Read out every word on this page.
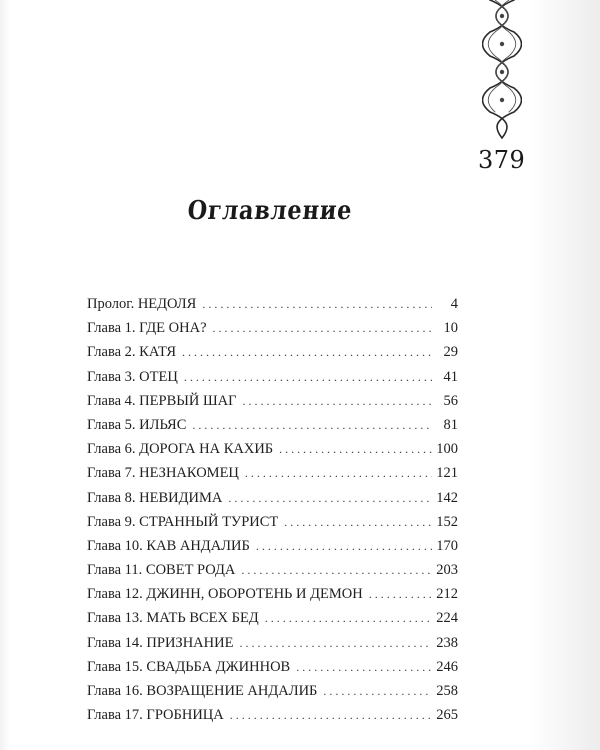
379
Оглавление
Пролог. НЕДОЛЯ . . .	4
Глава 1. ГДЕ ОНА? . . .	10
Глава 2. КАТЯ . . .	29
Глава 3. ОТЕЦ . . .	41
Глава 4. ПЕРВЫЙ ШАГ . . .	56
Глава 5. ИЛЬЯС . . .	81
Глава 6. ДОРОГА НА КАХИБ . . .	100
Глава 7. НЕЗНАКОМЕЦ . . .	121
Глава 8. НЕВИДИМА . . .	142
Глава 9. СТРАННЫЙ ТУРИСТ . . .	152
Глава 10. КАВ АНДАЛИБ . . .	170
Глава 11. СОВЕТ РОДА . . .	203
Глава 12. ДЖИНН, ОБОРОТЕНЬ И ДЕМОН . . .	212
Глава 13. МАТЬ ВСЕХ БЕД . . .	224
Глава 14. ПРИЗНАНИЕ . . .	238
Глава 15. СВАДЬБА ДЖИННОВ . . .	246
Глава 16. ВОЗРАЩЕНИЕ АНДАЛИБ . . .	258
Глава 17. ГРОБНИЦА . . .	265
